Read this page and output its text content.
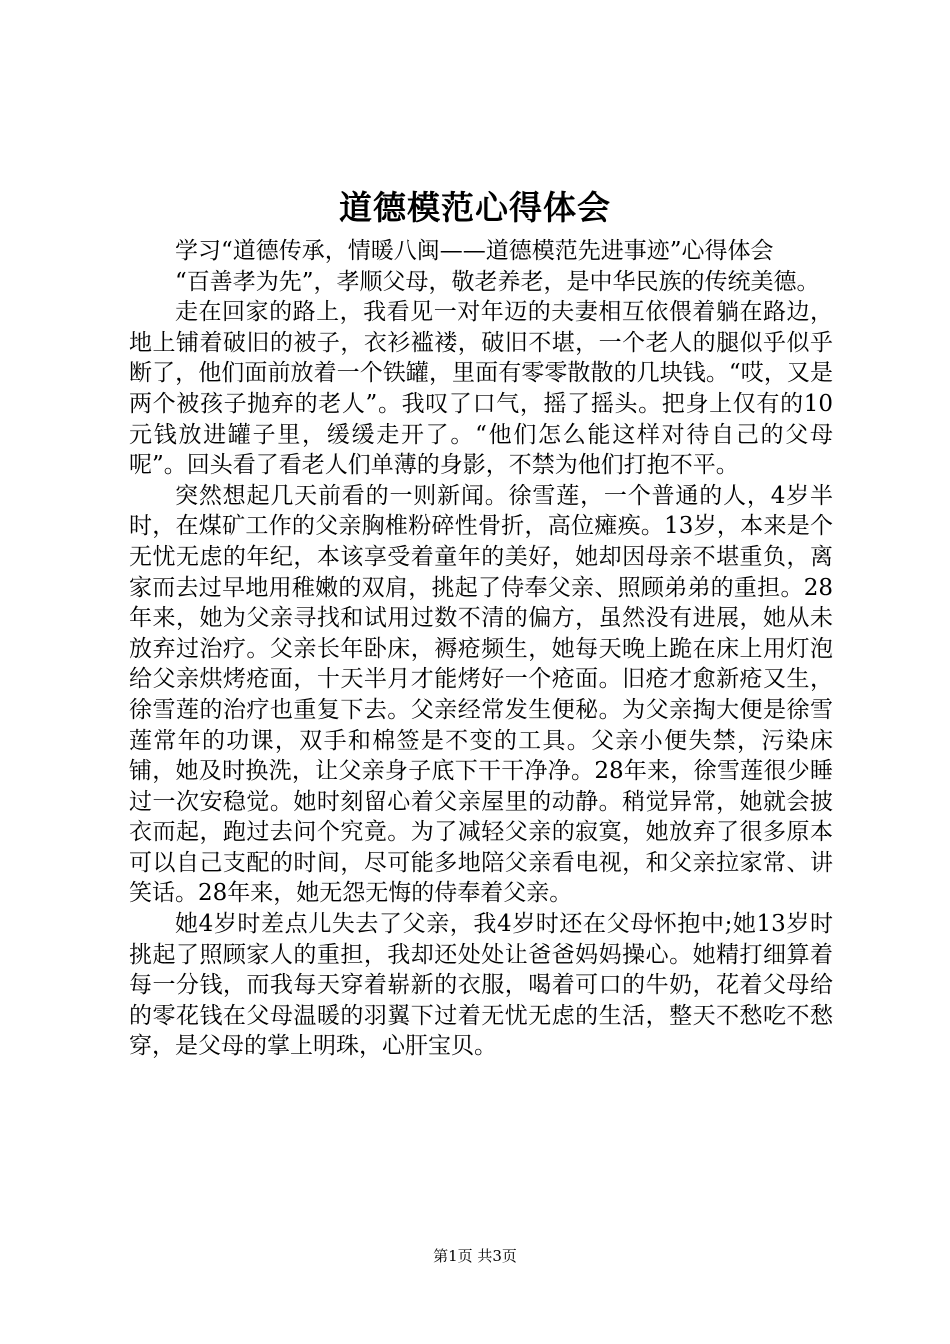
道德模范心得体会

学习“道德传承，情暖八闽——道德模范先进事迹”心得体会

“百善孝为先”，孝顺父母，敬老养老，是中华民族的传统美德。

走在回家的路上，我看见一对年迈的夫妻相互依偎着躺在路边，地上铺着破旧的被子，衣衫褴褛，破旧不堪，一个老人的腿似乎似乎断了，他们面前放着一个铁罐，里面有零零散散的几块钱。“哎，又是两个被孩子抛弃的老人”。我叹了口气，摇了摇头。把身上仅有的10元钱放进罐子里，缓缓走开了。“他们怎么能这样对待自己的父母呢”。回头看了看老人们单薄的身影，不禁为他们打抱不平。

突然想起几天前看的一则新闻。徐雪莲，一个普通的人，4岁半时，在煤矿工作的父亲胸椎粉碎性骨折，高位瘫痪。13岁，本来是个无忧无虑的年纪，本该享受着童年的美好，她却因母亲不堪重负，离家而去过早地用稚嫩的双肩，挑起了侍奉父亲、照顾弟弟的重担。28年来，她为父亲寻找和试用过数不清的偏方，虽然没有进展，她从未放弃过治疗。父亲长年卧床，褥疮频生，她每天晚上跪在床上用灯泡给父亲烘烤疮面，十天半月才能烤好一个疮面。旧疮才愈新疮又生，徐雪莲的治疗也重复下去。父亲经常发生便秘。为父亲掏大便是徐雪莲常年的功课，双手和棉签是不变的工具。父亲小便失禁，污染床铺，她及时换洗，让父亲身子底下干干净净。28年来，徐雪莲很少睡过一次安稳觉。她时刻留心着父亲屋里的动静。稍觉异常，她就会披衣而起，跑过去问个究竟。为了减轻父亲的寂寞，她放弃了很多原本可以自己支配的时间，尽可能多地陪父亲看电视，和父亲拉家常、讲笑话。28年来，她无怨无悔的侍奉着父亲。

她4岁时差点儿失去了父亲，我4岁时还在父母怀抱中;她13岁时挑起了照顾家人的重担，我却还处处让爸爸妈妈操心。她精打细算着每一分钱，而我每天穿着崭新的衣服，喝着可口的牛奶，花着父母给的零花钱在父母温暖的羽翼下过着无忧无虑的生活，整天不愁吃不愁穿，是父母的掌上明珠，心肝宝贝。

第1页 共3页
